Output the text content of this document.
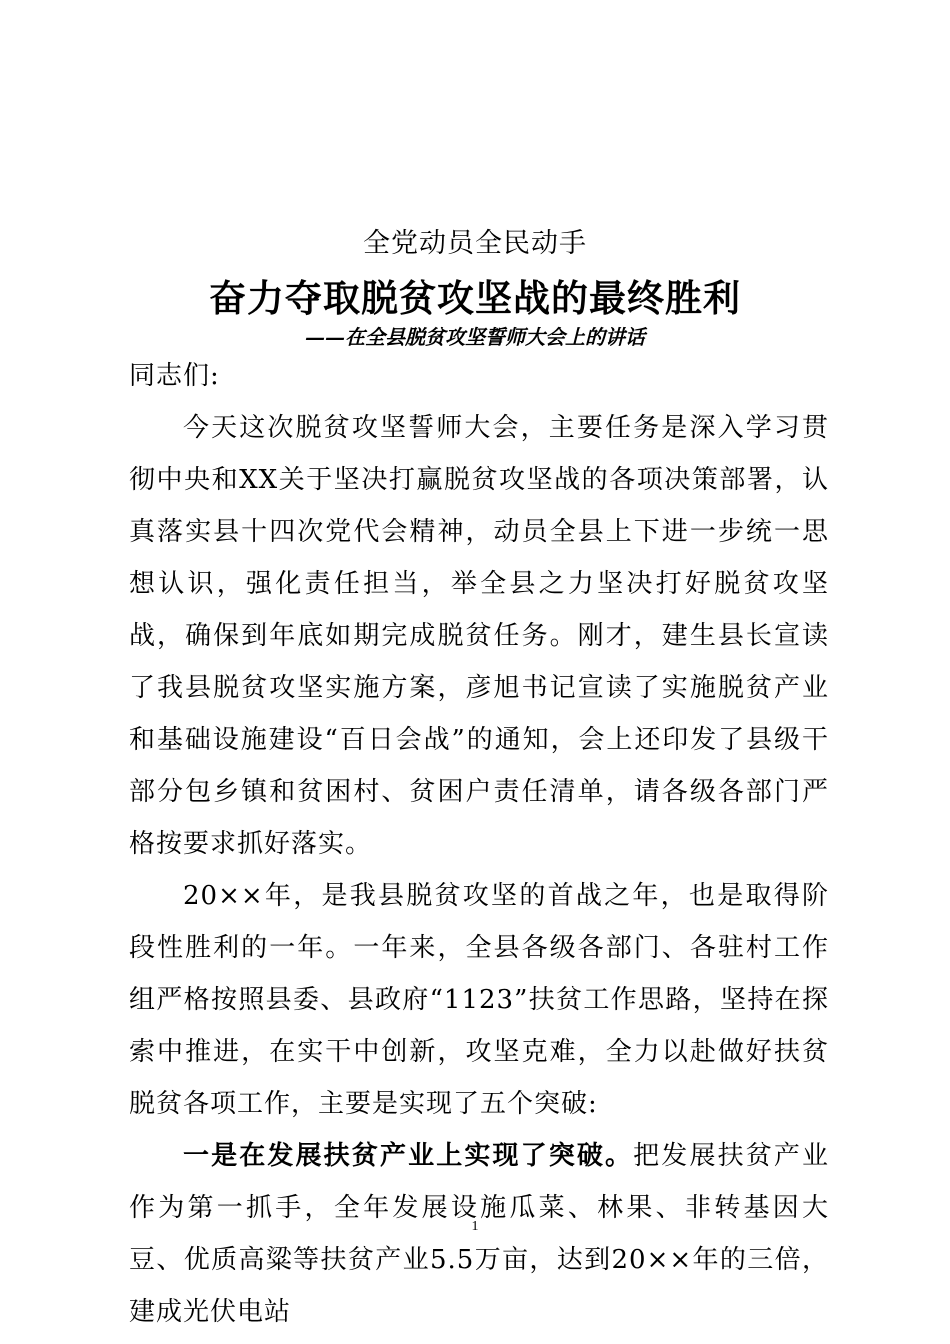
全党动员全民动手
奋力夺取脱贫攻坚战的最终胜利
——在全县脱贫攻坚誓师大会上的讲话

同志们:

今天这次脱贫攻坚誓师大会，主要任务是深入学习贯彻中央和XX关于坚决打赢脱贫攻坚战的各项决策部署，认真落实县十四次党代会精神，动员全县上下进一步统一思想认识，强化责任担当，举全县之力坚决打好脱贫攻坚战，确保到年底如期完成脱贫任务。刚才，建生县长宣读了我县脱贫攻坚实施方案，彦旭书记宣读了实施脱贫产业和基础设施建设“百日会战”的通知，会上还印发了县级干部分包乡镇和贫困村、贫困户责任清单，请各级各部门严格按要求抓好落实。

20××年，是我县脱贫攻坚的首战之年，也是取得阶段性胜利的一年。一年来，全县各级各部门、各驻村工作组严格按照县委、县政府“1123”扶贫工作思路，坚持在探索中推进，在实干中创新，攻坚克难，全力以赴做好扶贫脱贫各项工作，主要是实现了五个突破:

一是在发展扶贫产业上实现了突破。把发展扶贫产业作为第一抓手，全年发展设施瓜菜、林果、非转基因大豆、优质高粱等扶贫产业5.5万亩，达到20××年的三倍，建成光伏电站

1
